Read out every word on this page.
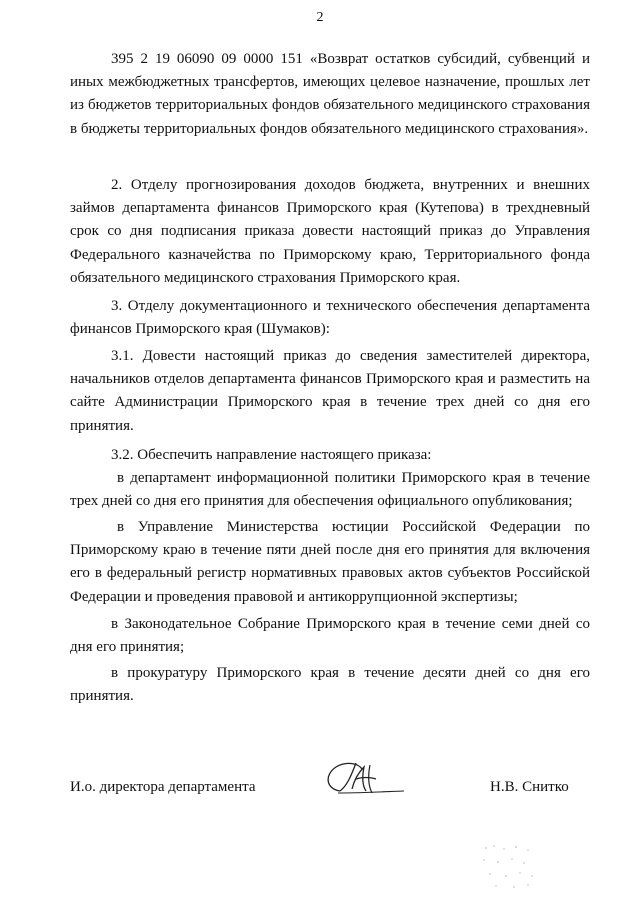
2
395 2 19 06090 09 0000 151 «Возврат остатков субсидий, субвенций и иных межбюджетных трансфертов, имеющих целевое назначение, прошлых лет из бюджетов территориальных фондов обязательного медицинского страхования в бюджеты территориальных фондов обязательного медицинского страхования».
2. Отделу прогнозирования доходов бюджета, внутренних и внешних займов департамента финансов Приморского края (Кутепова) в трехдневный срок со дня подписания приказа довести настоящий приказ до Управления Федерального казначейства по Приморскому краю, Территориального фонда обязательного медицинского страхования Приморского края.
3. Отделу документационного и технического обеспечения департамента финансов Приморского края (Шумаков):
3.1. Довести настоящий приказ до сведения заместителей директора, начальников отделов департамента финансов Приморского края и разместить на сайте Администрации Приморского края в течение трех дней со дня его принятия.
3.2. Обеспечить направление настоящего приказа:
в департамент информационной политики Приморского края в течение трех дней со дня его принятия для обеспечения официального опубликования;
в Управление Министерства юстиции Российской Федерации по Приморскому краю в течение пяти дней после дня его принятия для включения его в федеральный регистр нормативных правовых актов субъектов Российской Федерации и проведения правовой и антикоррупционной экспертизы;
в Законодательное Собрание Приморского края в течение семи дней со дня его принятия;
в прокуратуру Приморского края в течение десяти дней со дня его принятия.
И.о. директора департамента	Н.В. Снитко
